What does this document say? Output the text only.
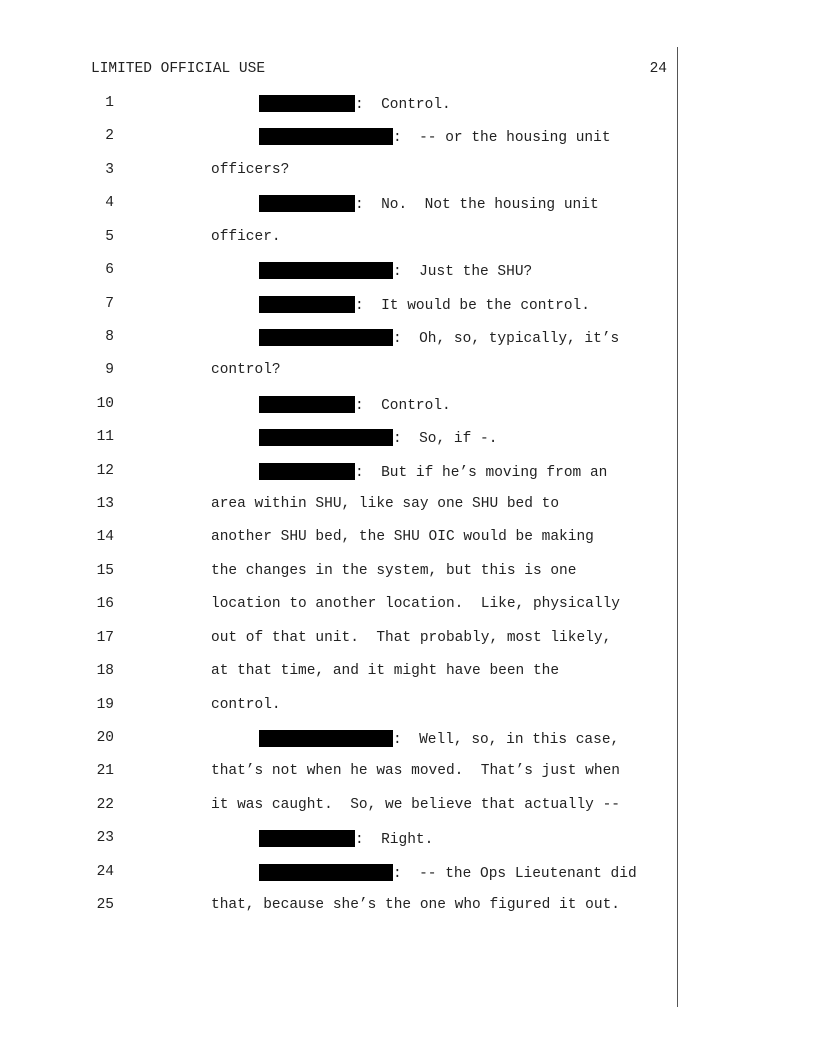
LIMITED OFFICIAL USE	24
1	:  Control.
2	:  -- or the housing unit
3	officers?
4	:  No.  Not the housing unit
5	officer.
6	:  Just the SHU?
7	:  It would be the control.
8	:  Oh, so, typically, it’s
9	control?
10	:  Control.
11	:  So, if -.
12	:  But if he’s moving from an
13	area within SHU, like say one SHU bed to
14	another SHU bed, the SHU OIC would be making
15	the changes in the system, but this is one
16	location to another location.  Like, physically
17	out of that unit.  That probably, most likely,
18	at that time, and it might have been the
19	control.
20	:  Well, so, in this case,
21	that’s not when he was moved.  That’s just when
22	it was caught.  So, we believe that actually --
23	:  Right.
24	:  -- the Ops Lieutenant did
25	that, because she’s the one who figured it out.
